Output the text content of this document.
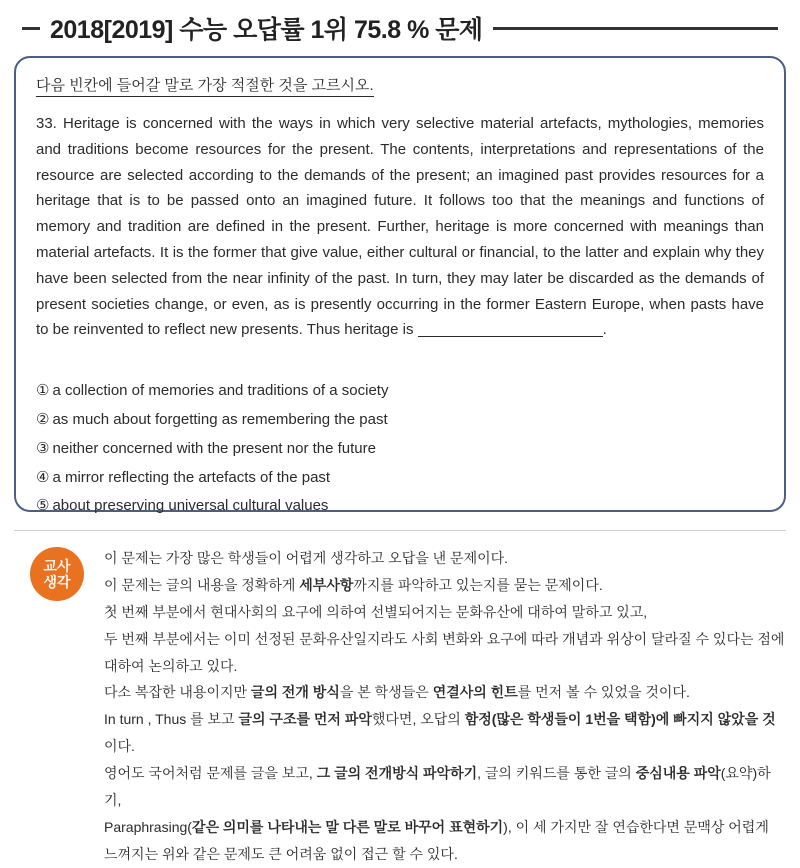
2018[2019] 수능 오답률 1위 75.8 % 문제
다음 빈칸에 들어갈 말로 가장 적절한 것을 고르시오.
33. Heritage is concerned with the ways in which very selective material artefacts, mythologies, memories and traditions become resources for the present. The contents, interpretations and representations of the resource are selected according to the demands of the present; an imagined past provides resources for a heritage that is to be passed onto an imagined future. It follows too that the meanings and functions of memory and tradition are defined in the present. Further, heritage is more concerned with meanings than material artefacts. It is the former that give value, either cultural or financial, to the latter and explain why they have been selected from the near infinity of the past. In turn, they may later be discarded as the demands of present societies change, or even, as is presently occurring in the former Eastern Europe, when pasts have to be reinvented to reflect new presents. Thus heritage is	.
① a collection of memories and traditions of a society
② as much about forgetting as remembering the past
③ neither concerned with the present nor the future
④ a mirror reflecting the artefacts of the past
⑤ about preserving universal cultural values
교사
생각
이 문제는 가장 많은 학생들이 어렵게 생각하고 오답을 낸 문제이다.
이 문제는 글의 내용을 정확하게 세부사항까지를 파악하고 있는지를 묻는 문제이다.
첫 번째 부분에서 현대사회의 요구에 의하여 선별되어지는 문화유산에 대하여 말하고 있고,
두 번째 부분에서는 이미 선정된 문화유산일지라도 사회 변화와 요구에 따라 개념과 위상이 달라질 수 있다는 점에
대하여 논의하고 있다.
다소 복잡한 내용이지만 글의 전개 방식을 본 학생들은 연결사의 힌트를 먼저 볼 수 있었을 것이다.
In turn , Thus 를 보고 글의 구조를 먼저 파악했다면, 오답의 함정(많은 학생들이 1번을 택함)에 빠지지 않았을 것이다.
영어도 국어처럼 문제를 글을 보고, 그 글의 전개방식 파악하기, 글의 키워드를 통한 글의 중심내용 파악(요약)하기,
Paraphrasing(같은 의미를 나타내는 말 다른 말로 바꾸어 표현하기), 이 세 가지만 잘 연습한다면 문맥상 어렵게
느껴지는 위와 같은 문제도 큰 어려움 없이 접근 할 수 있다.
